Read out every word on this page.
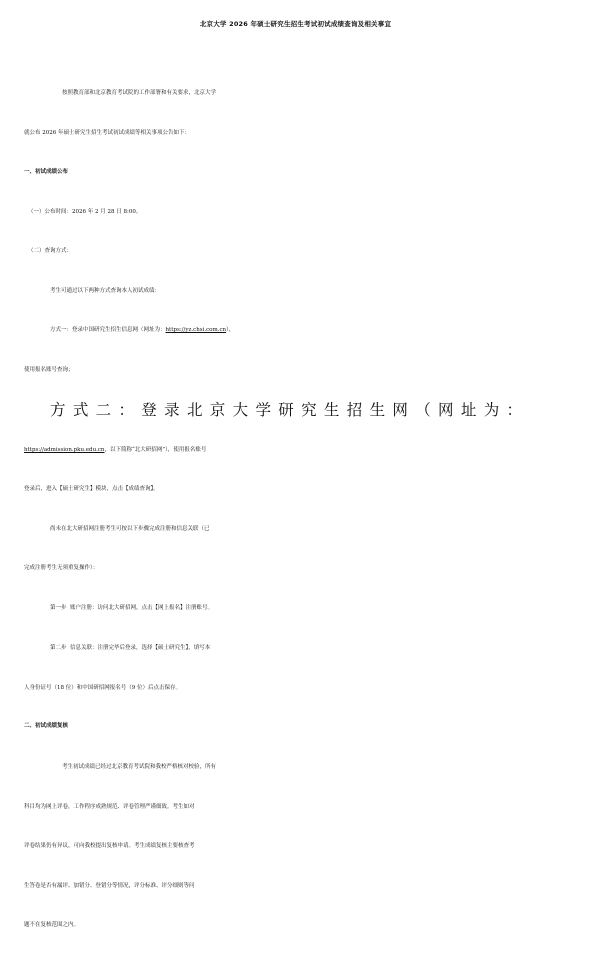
北京大学 2026 年硕士研究生招生考试初试成绩查询及相关事宜
按照教育部和北京教育考试院的工作部署和有关要求，北京大学
就公布 2026 年硕士研究生招生考试初试成绩等相关事项公告如下：
一、初试成绩公布
（一）公布时间：2026 年 2 月 28 日 8:00。
（二）查询方式：
考生可通过以下两种方式查询本人初试成绩：
方式一：登录中国研究生招生信息网（网址为：https://yz.chsi.com.cn），
使用报名账号查询；
方 式 二 ： 登 录 北 京 大 学 研 究 生 招 生 网 （ 网 址 为 ：
https://admission.pku.edu.cn，以下简称“北大研招网”），使用报名账号
登录后，进入【硕士研究生】模块，点击【成绩查询】。
尚未在北大研招网注册考生可按以下步骤完成注册和信息关联（已
完成注册考生无须重复操作）：
第一步  账户注册：访问北大研招网，点击【网上报名】注册账号。
第二步  信息关联：注册完毕后登录，选择【硕士研究生】，填写本
人身份证号（18 位）和中国研招网报名号（9 位）后点击保存。
二、初试成绩复核
考生初试成绩已经过北京教育考试院和我校严格核对校验，所有
科目均为网上评卷，工作程序成熟规范、评卷管理严谨细致。考生如对
评卷结果仍有异议，可向我校提出复核申请。考生成绩复核主要核查考
生答卷是否有漏评、加错分、登错分等情况，评分标准、评分细则等问
题不在复核范围之内。
